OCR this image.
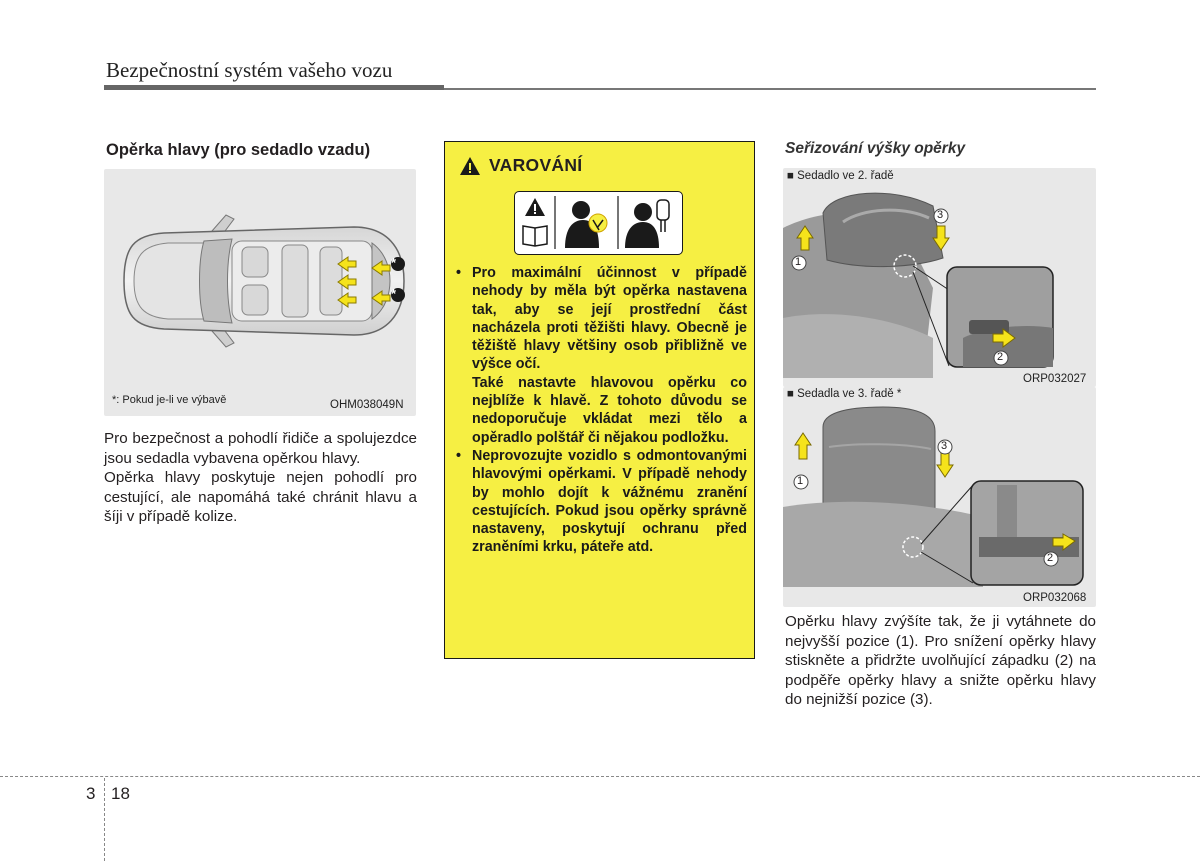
Bezpečnostní systém vašeho vozu
Opěrka hlavy (pro sedadlo vzadu)
*
*
*: Pokud je-li ve výbavě	OHM038049N

Pro bezpečnost a pohodlí řidiče a spolujezdce jsou sedadla vybavena opěrkou hlavy.

Opěrka hlavy poskytuje nejen pohodlí pro cestující, ale napomáhá také chránit hlavu a šíji v případě kolize.

VAROVÁNÍ

• Pro maximální účinnost v případě nehody by měla být opěrka nastavena tak, aby se její prostřední část nacházela proti těžišti hlavy. Obecně je těžiště hlavy většiny osob přibližně ve výšce očí.

Také nastavte hlavovou opěrku co nejblíže k hlavě. Z tohoto důvodu se nedoporučuje vkládat mezi tělo a opěradlo polštář či nějakou podložku.

• Neprovozujte vozidlo s odmontovanými hlavovými opěrkami. V případě nehody by mohlo dojít k vážnému zranění cestujících. Pokud jsou opěrky správně nastaveny, poskytují ochranu před zraněními krku, páteře atd.

Seřizování výšky opěrky
■ Sedadlo ve 2. řadě
1
2
3
ORP032027
■ Sedadla ve 3. řadě *
1
2
3
ORP032068

Opěrku hlavy zvýšíte tak, že ji vytáhnete do nejvyšší pozice (1). Pro snížení opěrky hlavy stiskněte a přidržte uvolňující západku (2) na podpěře opěrky hlavy a snižte opěrku hlavy do nejnižší pozice (3).

3 18
